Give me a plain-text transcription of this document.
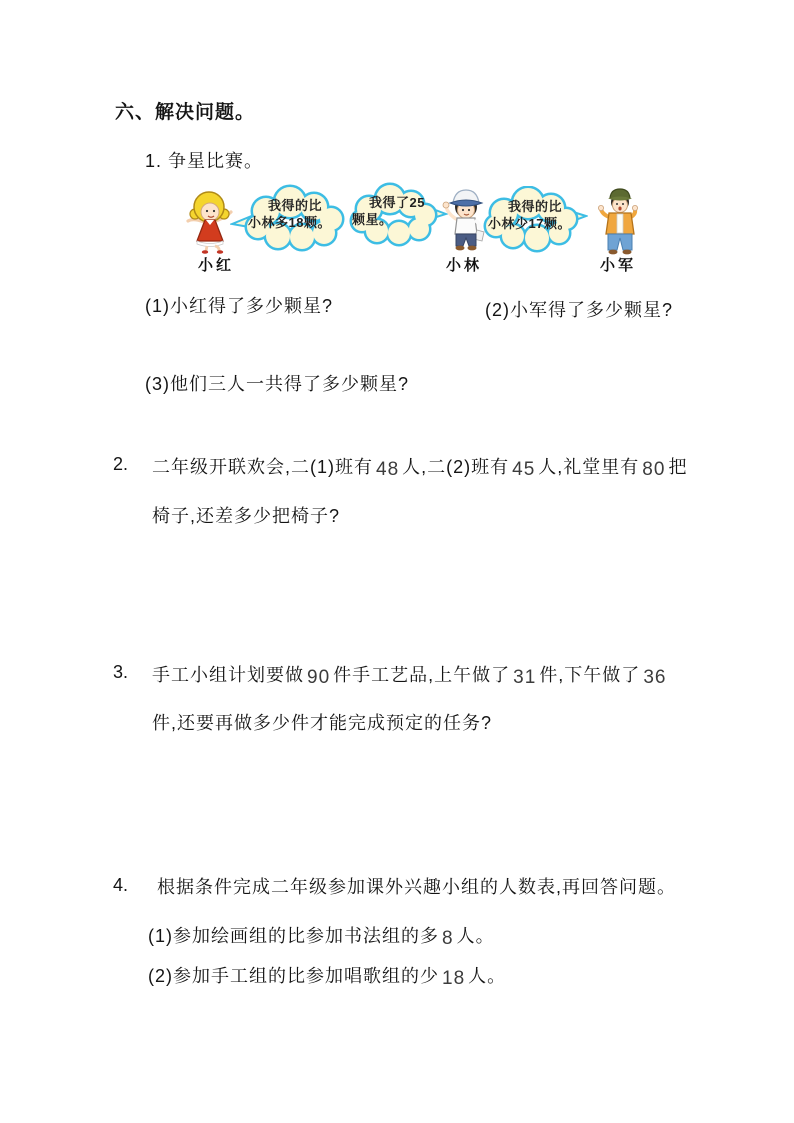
六、解决问题。
1. 争星比赛。
小红
我得的比
小林多18颗。
我得了25
颗星。
小林
我得的比
小林少17颗。
小军
(1)小红得了多少颗星?	(2)小军得了多少颗星?
(3)他们三人一共得了多少颗星?
2. 二年级开联欢会,二(1)班有 48 人,二(2)班有 45 人,礼堂里有 80 把
椅子,还差多少把椅子?
3. 手工小组计划要做 90 件手工艺品,上午做了 31 件,下午做了 36
件,还要再做多少件才能完成预定的任务?
4. 根据条件完成二年级参加课外兴趣小组的人数表,再回答问题。
(1)参加绘画组的比参加书法组的多 8 人。
(2)参加手工组的比参加唱歌组的少 18 人。
